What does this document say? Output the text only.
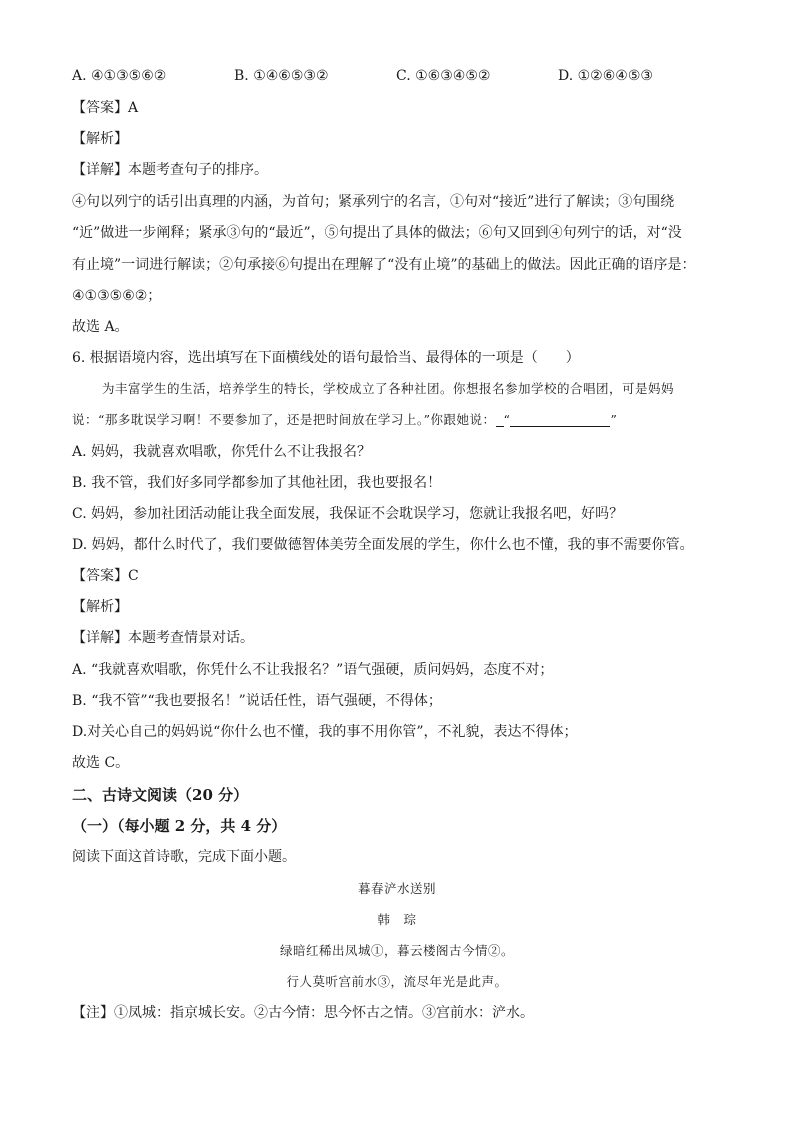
A. ④①③⑤⑥②	B. ①④⑥⑤③②	C. ①⑥③④⑤②	D. ①②⑥④⑤③
【答案】A
【解析】
【详解】本题考查句子的排序。
④句以列宁的话引出真理的内涵，为首句；紧承列宁的名言，①句对“接近”进行了解读；③句围绕
“近”做进一步阐释；紧承③句的“最近”，⑤句提出了具体的做法；⑥句又回到④句列宁的话，对“没
有止境”一词进行解读；②句承接⑥句提出在理解了“没有止境”的基础上的做法。因此正确的语序是：
④①③⑤⑥②；
故选 A。
6. 根据语境内容，选出填写在下面横线处的语句最恰当、最得体的一项是（　　）
为丰富学生的生活，培养学生的特长，学校成立了各种社团。你想报名参加学校的合唱团，可是妈妈
说：“那多耽误学习啊！不要参加了，还是把时间放在学习上。”你跟她说： “	”
A. 妈妈，我就喜欢唱歌，你凭什么不让我报名？
B. 我不管，我们好多同学都参加了其他社团，我也要报名！
C. 妈妈，参加社团活动能让我全面发展，我保证不会耽误学习，您就让我报名吧，好吗？
D. 妈妈，都什么时代了，我们要做德智体美劳全面发展的学生，你什么也不懂，我的事不需要你管。
【答案】C
【解析】
【详解】本题考查情景对话。
A. “我就喜欢唱歌，你凭什么不让我报名？”语气强硬，质问妈妈，态度不对；
B. “我不管”“我也要报名！”说话任性，语气强硬，不得体；
D.对关心自己的妈妈说“你什么也不懂，我的事不用你管”，不礼貌，表达不得体；
故选 C。
二、古诗文阅读（20 分）
（一）（每小题 2 分，共 4 分）
阅读下面这首诗歌，完成下面小题。
暮春浐水送别
韩　琮
绿暗红稀出凤城①，暮云楼阁古今情②。
行人莫听宫前水③，流尽年光是此声。
【注】①凤城：指京城长安。②古今情：思今怀古之情。③宫前水：浐水。
